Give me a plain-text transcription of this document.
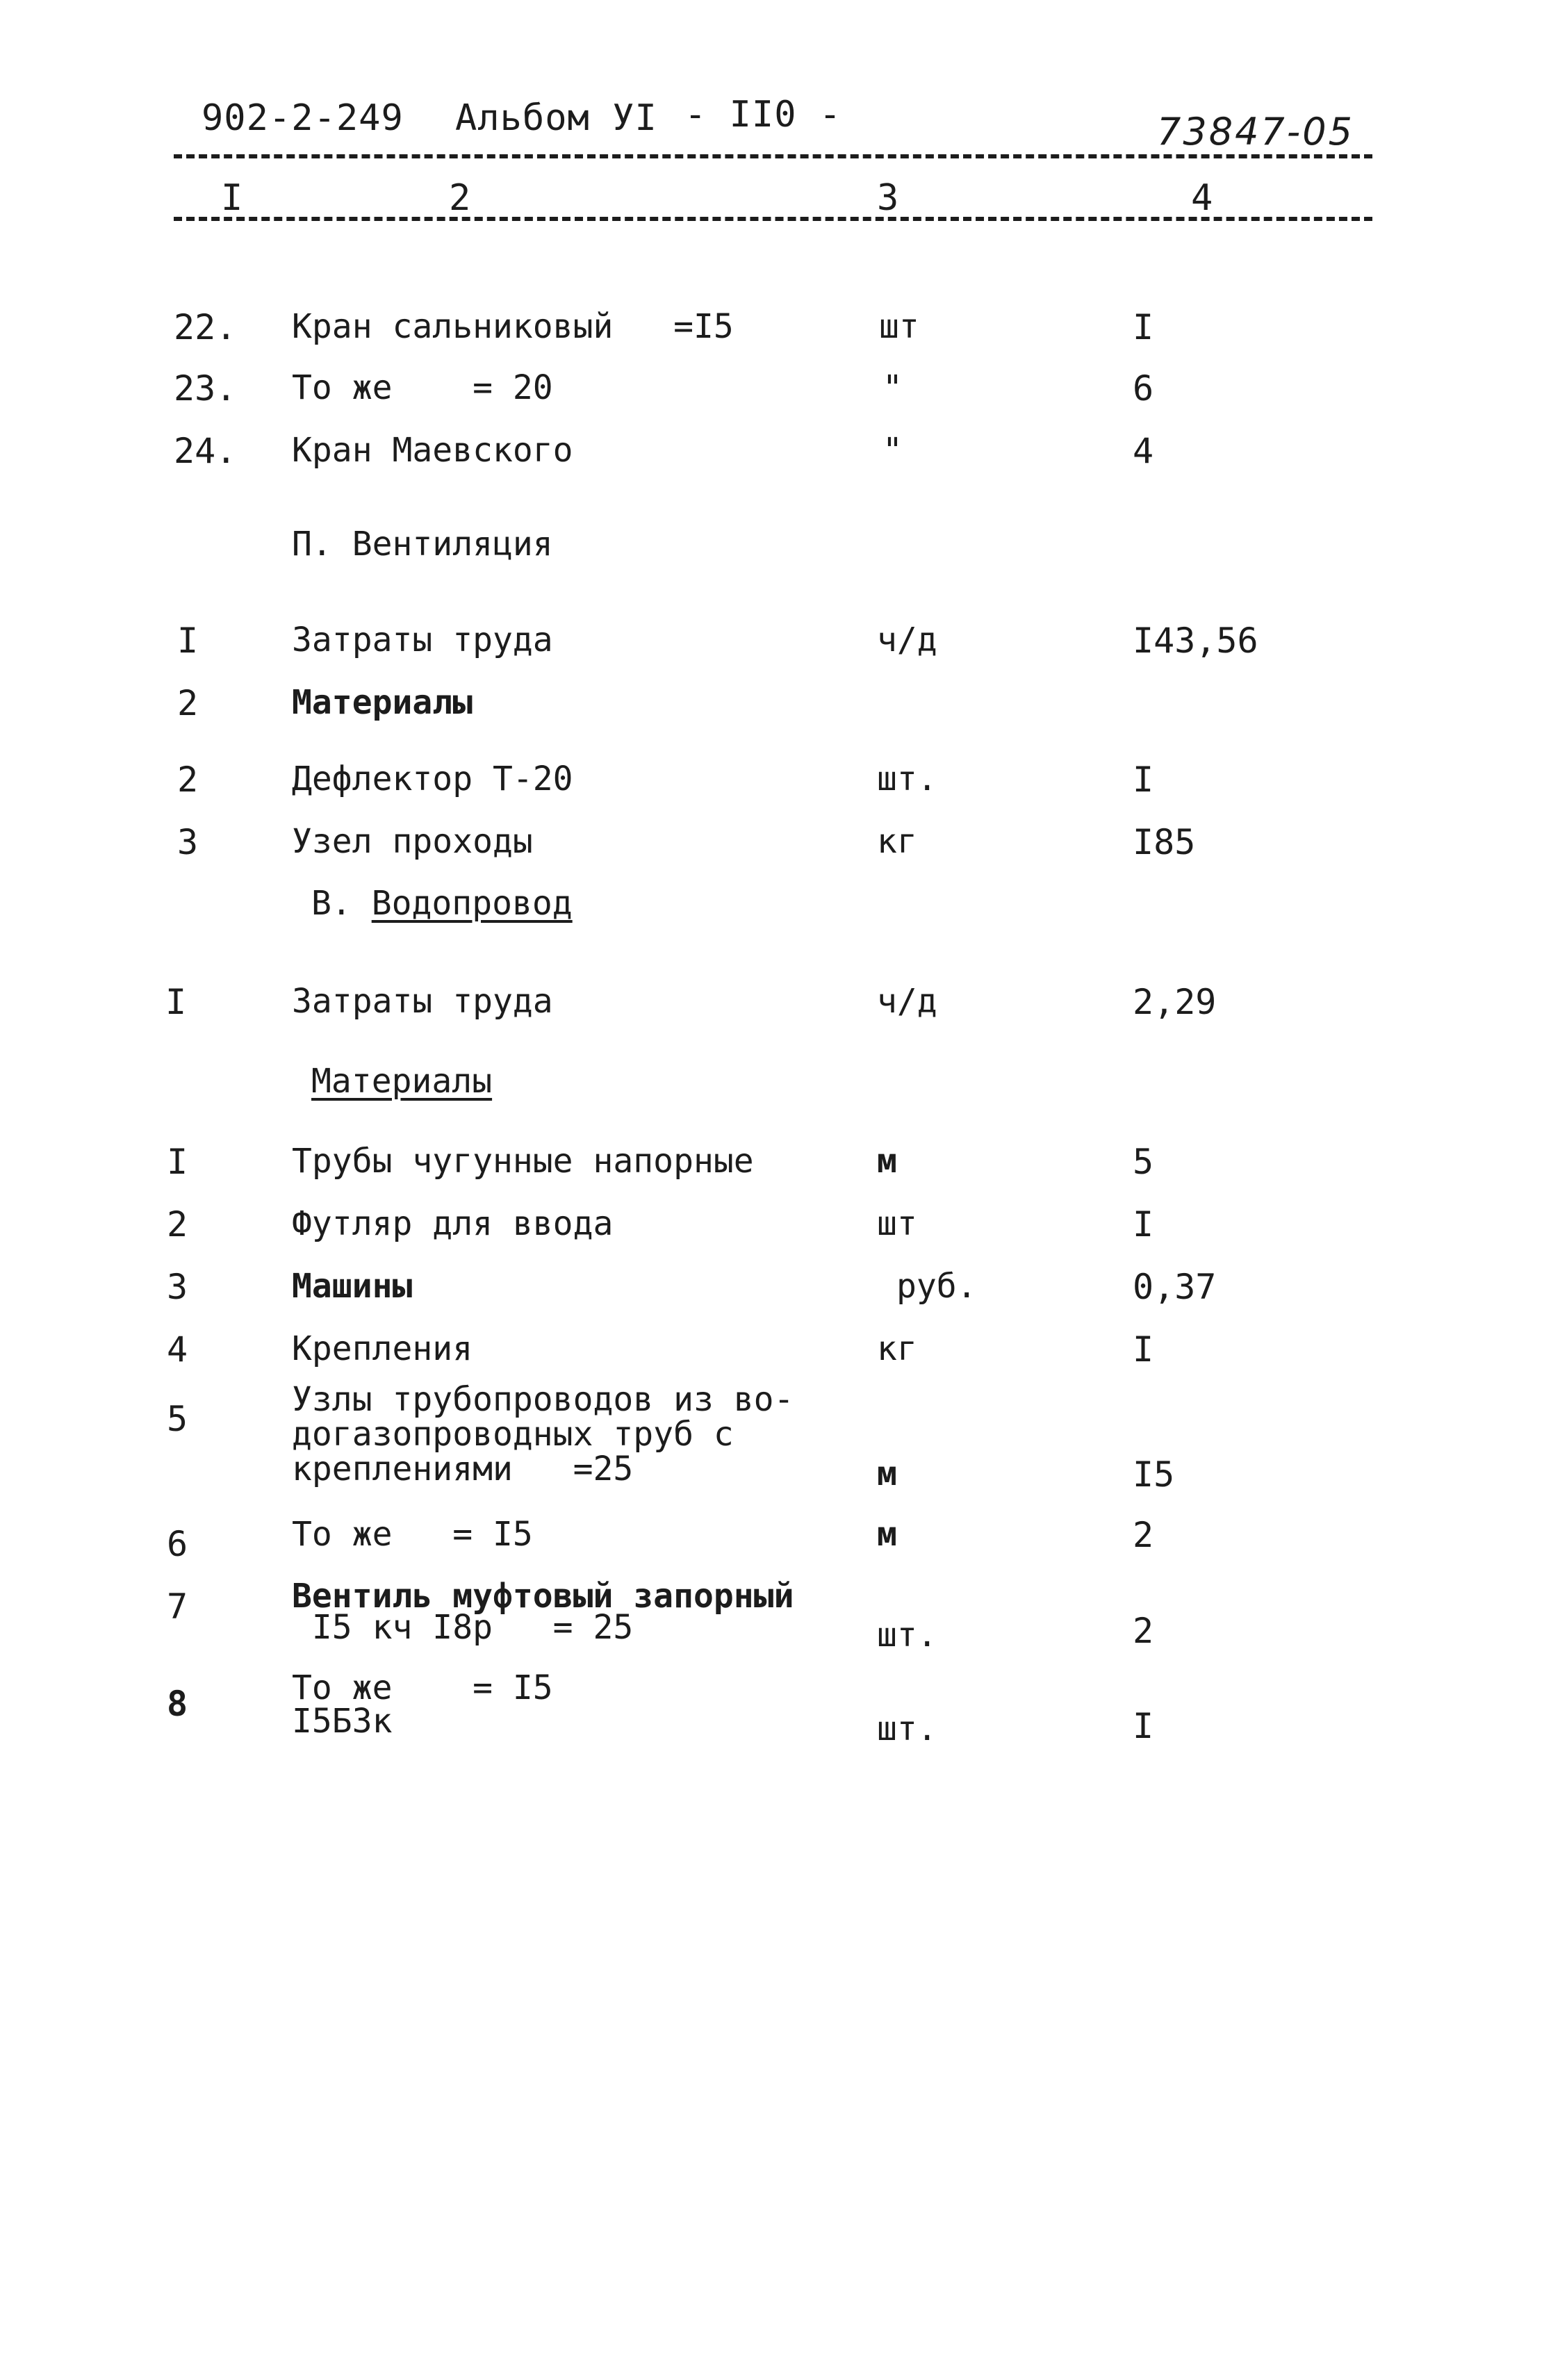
902-2-249 Альбом УI - II0 -	73847-05
I	2	3	4
22. Кран сальниковый   =I5	шт	I
23. То же    = 20	"	6
24. Кран Маевского	"	4
П. Вентиляция
I	Затраты труда	ч/д	I43,56
2	Материалы
2	Дефлектор Т-20	шт.	I
3	Узел проходы	кг	I85
В. Водопровод
I	Затраты труда	ч/д	2,29
Материалы
I	Трубы чугунные напорные	м	5
2	Футляр для ввода	шт	I
3	Машины	руб.	0,37
4	Крепления	кг	I
5	Узлы трубопроводов из во-
догазопроводных труб с
креплениями   =25	м	I5
6	То же   = I5	м	2
7	Вентиль муфтовый запорный
I5 кч I8р   = 25	шт.	2
8	То же    = I5
I5Б3к	шт.	I
